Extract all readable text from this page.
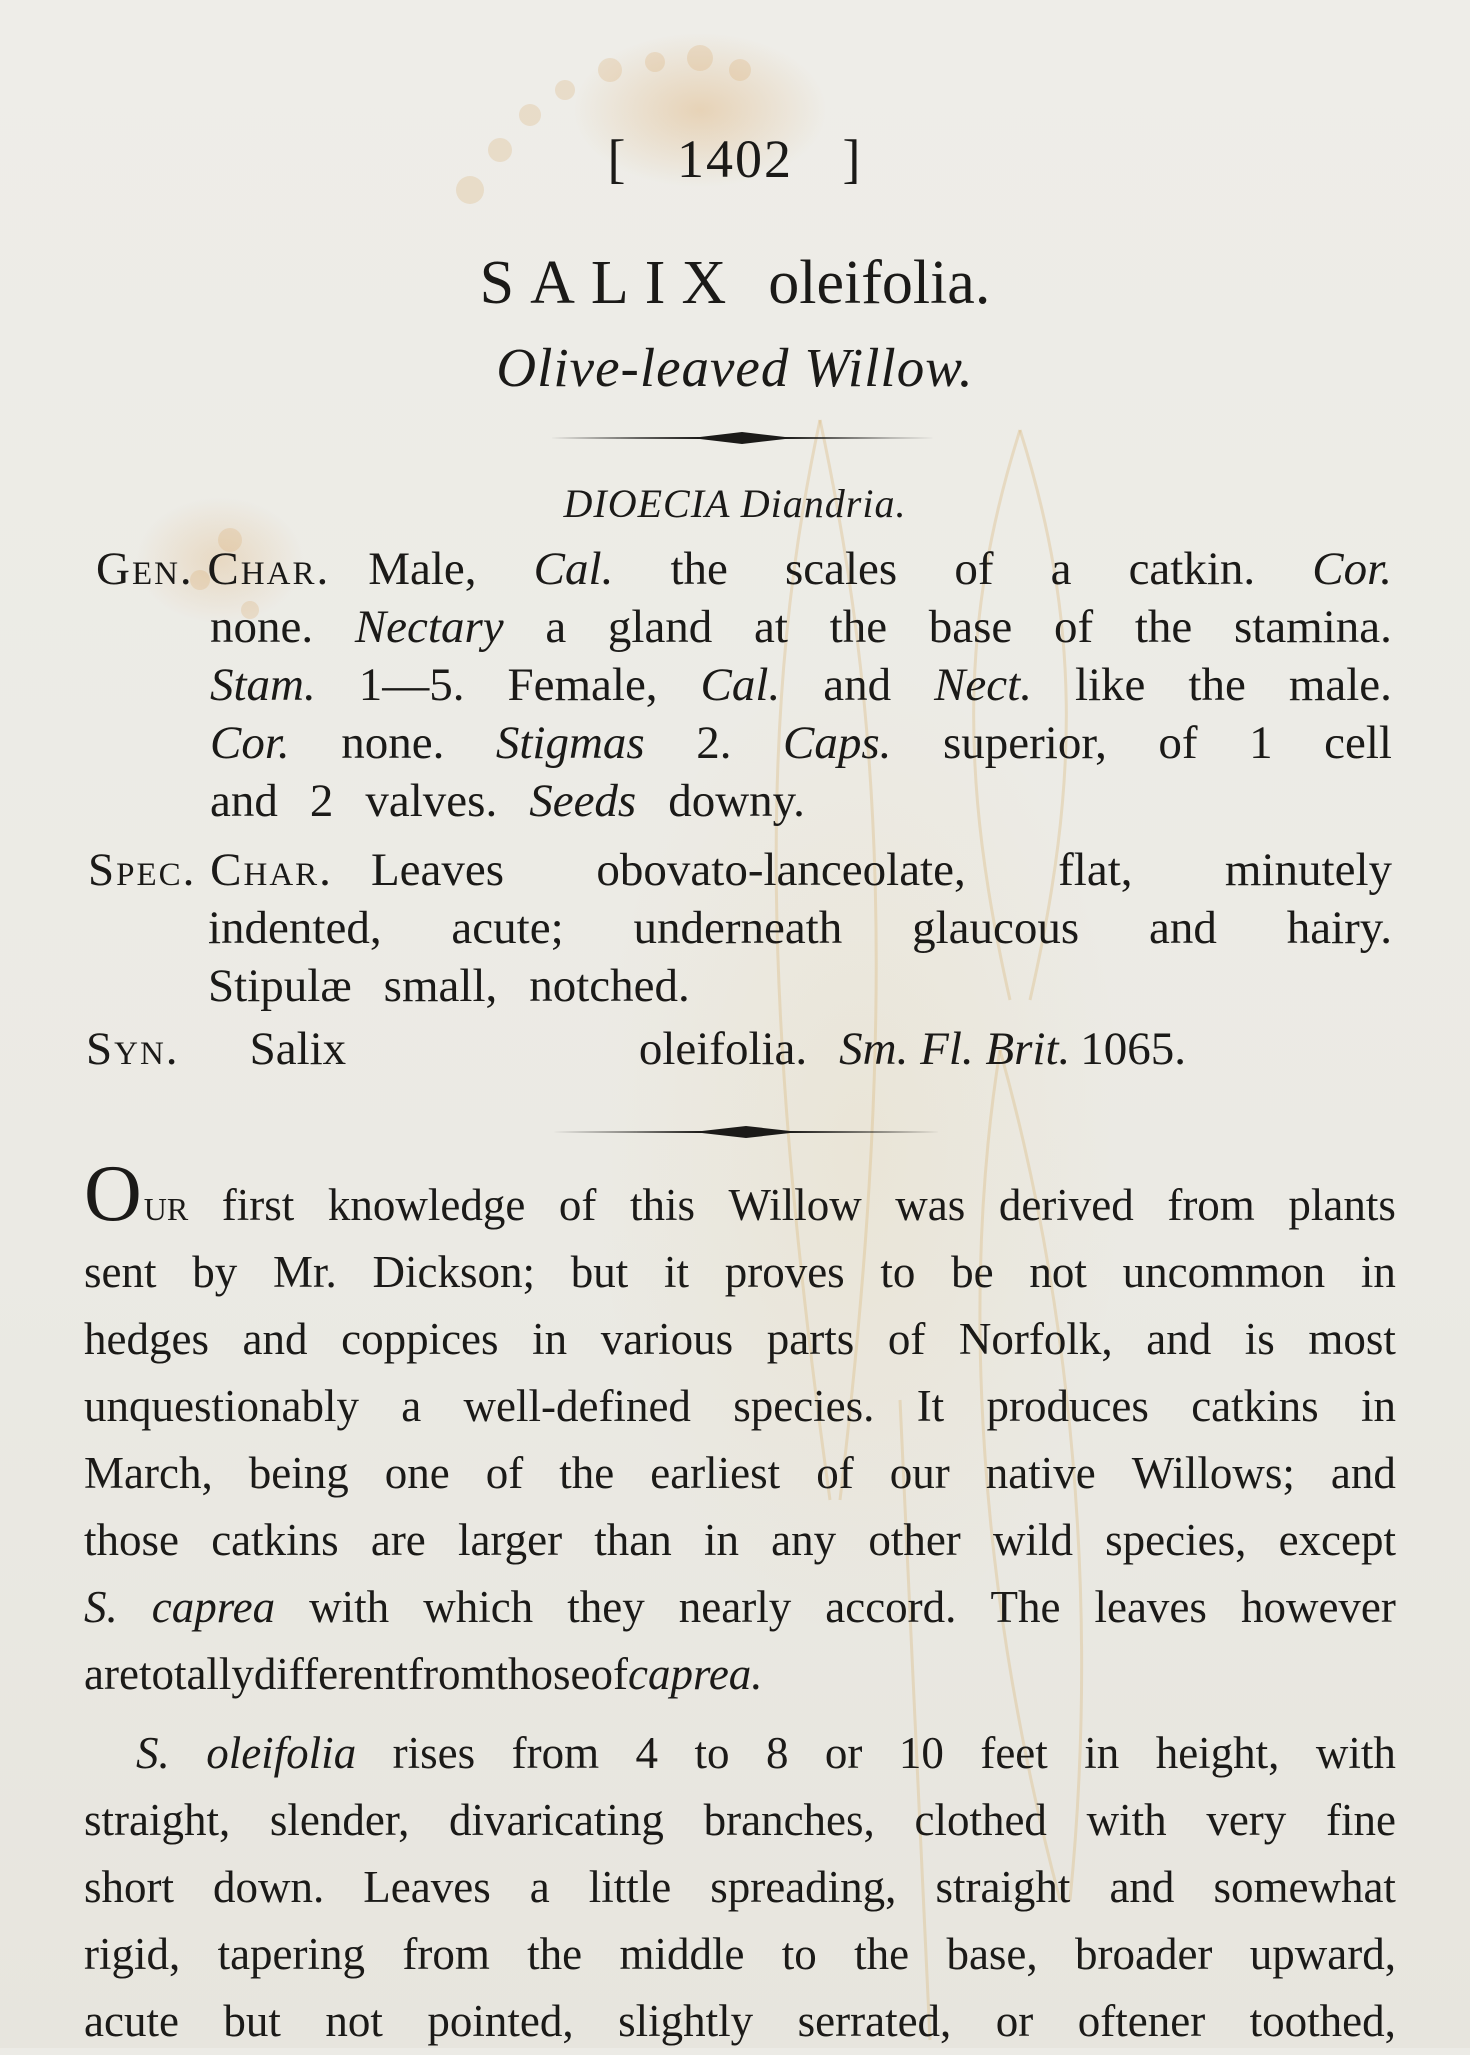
[ 1402 ]
SALIX oleifolia.
Olive-leaved Willow.
DIOECIA Diandria.
Gen. Char. Male, Cal. the scales of a catkin. Cor.
none. Nectary a gland at the base of the stamina.
Stam. 1—5. Female, Cal. and Nect. like the male.
Cor. none. Stigmas 2. Caps. superior, of 1 cell
and 2 valves. Seeds downy.
Spec. Char. Leaves obovato-lanceolate, flat, minutely
indented, acute; underneath glaucous and hairy.
Stipulæ small, notched.
Syn. Salix	oleifolia. Sm. Fl. Brit. 1065.
Our first knowledge of this Willow was derived from plants
sent by Mr. Dickson; but it proves to be not uncommon in
hedges and coppices in various parts of Norfolk, and is most
unquestionably a well-defined species. It produces catkins in
March, being one of the earliest of our native Willows; and
those catkins are larger than in any other wild species, except
S. caprea with which they nearly accord. The leaves however
are totally different from those of caprea.
S. oleifolia rises from 4 to 8 or 10 feet in height, with
straight, slender, divaricating branches, clothed with very fine
short down. Leaves a little spreading, straight and somewhat
rigid, tapering from the middle to the base, broader upward,
acute but not pointed, slightly serrated, or oftener toothed,
